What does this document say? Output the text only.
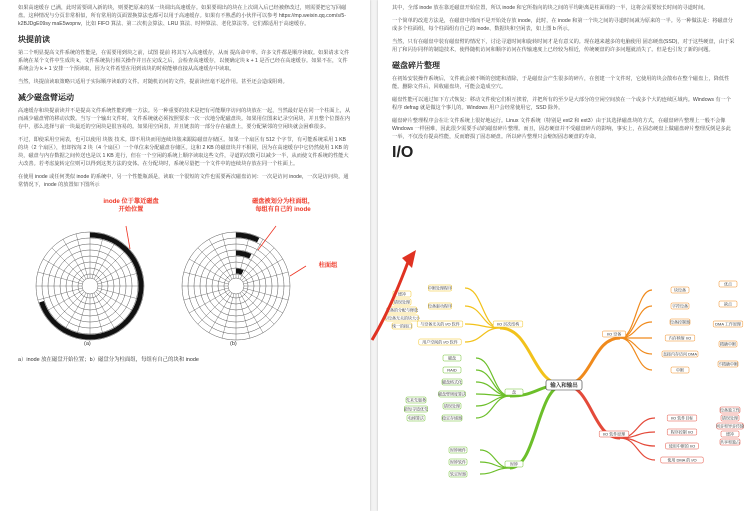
如果高速缓存 已满，此时需要调入新的块，则要把原来的某一块调出高速缓存。如果要调出的块在上次调入后已经被修改过，则需要把它写回磁盘。这种情况与分页非常相似，所有常用的页面置换算法也都可以用于高速缓存。如果有不熟悉的小伙伴可以参考 https://mp.weixin.qq.com/s/5-k2BJDgE09sy maE5woprw，比如 FIFO 算法、第二次机会算法、LRU 算法、时钟算法、老化算法等。它们都适用于高速缓存。

块提前读

第二个明显提高文件系统的性能是，在需要用到块之前，试图 提前 将其写入高速缓存，从而 提高命中率。许多文件都是顺序读取。如果请求文件系统在某个文件中生成块 k，文件系统执行相关操作并且在完成之后，会检查高速缓存，以便确定块 k + 1 是否已经在高速缓存。如果不在，文件系统会为 k + 1 安排一个预读取，因为文件希望在用到该块的时候能够直接从高速缓存中读取。

当然，块提前读取策略只适用于实际顺序读取的文件。对随机访问的文件，提前读丝毫不起作用。甚至还会造成阻碍。

减少磁盘臂运动

高速缓存和块提前读并不是提高文件系统性能的唯一方法。另一种重要的技术是把有可能顺序访问的块放在一起，当然最好是在同一个柱面上，从而减少磁盘臂的移动次数。当写一个输出文件时，文件系统就必须按照要求一次一次地分配磁盘块。如果用位图来记录空闲块，并且整个位图在内存中，那么选择与前一块最近的空闲块是很容易的。如果用空闲表，并且链表的一部分存在磁盘上，要分配紧邻的空闲块就会困难很多。

不过，即使采用空闲表，也可以使用 块簇 技术。即不用块而用连续块簇来跟踪磁盘存储区。如果一个扇区有 512 个字节，有可能系统采用 1 KB 的块（2 个扇区），但却按每 2 块（4 个扇区）一个单位来分配磁盘存储区。这和 2 KB 的磁盘块并不相同，因为在高速缓存中它仍然使用 1 KB 的块，磁盘与内存数据之间传送也是以 1 KB 进行，但在一个空闲的系统上顺序读取这些文件，寻道的次数可以减少一半，从而使文件系统的性能大大改善。若考虑旋转定位则可以得到这类方法的变体。在分配块时，系统尽量把一个文件中的连续块存放在同一个柱面上。

在使用 inode 或任何类似 inode 的系统中，另一个性能瓶颈是，读取一个很短的文件也需要两次磁盘访问：一次是访问 inode，一次是访问块。通常情况下，inode 的放置如下图所示

inode 位于靠近磁盘
开始位置
磁盘被划分为柱面组，
每组有自己的 inode
柱面组
(a)	(b)
a）inode 放在磁盘开始位置；b）磁盘分为柱面组，每组有自己的块和 inode

其中，全部 inode 放在靠近磁盘开始位置，所以 inode 和它所指向的块之间的平均距离是柱面组的一半，这将会需要较长时间的寻道时间。

一个简单的改进方法是，在磁盘中部而不是开始处存放 inode，此时，在 inode 和第一个块之间的寻道时间减为原来的一半。另一种做法是：将磁盘分成多个柱面组，每个柱面组有自己的 inode、数据块和空闲表，如上图 b 所示。

当然，只有在磁盘中装有磁盘臂的情况下，讨论寻道时间和旋转时间才是有意义的。现在越来越多的电脑使用 固态硬盘(SSD)，对于这些硬盘，由于采用了和闪存同样的制造技术，使得随机访问和顺序访问在传输速度上已经较为相近，传统硬盘的许多问题就消失了。但是也引发了新的问题。

磁盘碎片整理

在初始安装操作系统后，文件就会被不断的创建和清除，于是磁盘会产生很多的碎片，在创建一个文件时，它使用的块会散布在整个磁盘上，降低性能。删除文件后，回收磁盘块，可能会造成空穴。

磁盘性能可以通过如下方式恢复：移动文件使它们相互挨着，并把所有的至少是大部分的空闲空间放在一个或多个大的连续区域内。Windows 有一个程序 defrag 就是做这个事儿的。Windows 用户会经常使用它，SSD 除外。

磁盘碎片整理程序会在让文件系统上很好地运行。Linux 文件系统（特别是 ext2 和 ext3）由于其选择磁盘块的方式，在磁盘碎片整理上一般不会像 Windows 一样困难，因此很少需要手动的磁盘碎片整理。而且，固态硬盘并不受磁盘碎片的影响，事实上，在固态硬盘上做磁盘碎片整理反倒是多此一举，不仅没有提高性能，反而磨损了固态硬盘。所以碎片整理只会缩短固态硬盘的寿命。

I/O
中断处理程序
设备驱动程序
与设备无关的 I/O 软件
用户空间的 I/O 软件
缓冲
错误处理
设备的分配与释放
与设备无关的块大小
统一的接口	I/O 层次结构
磁盘
RAID
磁盘格式化
磁盘臂调度算法
错误处理
稳定存储器
先来先服务
最短寻道优先
电梯算法
盘
时钟硬件
时钟软件
软定时器
时钟
块设备
字符设备
设备控制器
内存映射 I/O
直接内存访问 DMA
中断
优点
缺点
DMA 工作原理
精确中断
不精确中断
I/O 设备
I/O 软件目标
程序控制 I/O
使用中断的 I/O
使用 DMA 的 I/O
设备独立性
错误处理
同步和异步传输
缓冲
共享和独占
I/O 软件原理
输入和输出
